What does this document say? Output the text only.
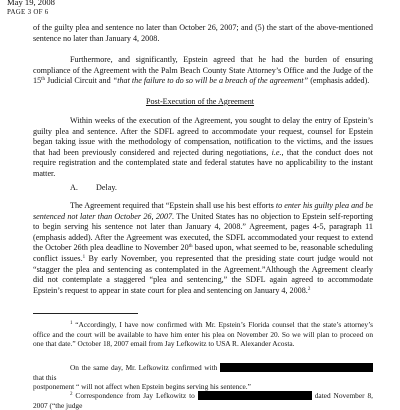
May 19, 2008
PAGE 3 OF 6

of the guilty plea and sentence no later than October 26, 2007; and (5) the start of the above-mentioned sentence no later than January 4, 2008.

Furthermore, and significantly, Epstein agreed that he had the burden of ensuring compliance of the Agreement with the Palm Beach County State Attorney’s Office and the Judge of the 15th Judicial Circuit and “that the failure to do so will be a breach of the agreement” (emphasis added).

Post-Execution of the Agreement

Within weeks of the execution of the Agreement, you sought to delay the entry of Epstein’s guilty plea and sentence. After the SDFL agreed to accommodate your request, counsel for Epstein began taking issue with the methodology of compensation, notification to the victims, and the issues that had been previously considered and rejected during negotiations, i.e., that the conduct does not require registration and the contemplated state and federal statutes have no applicability to the instant matter.

A. Delay.

The Agreement required that “Epstein shall use his best efforts to enter his guilty plea and be sentenced not later than October 26, 2007. The United States has no objection to Epstein self-reporting to begin serving his sentence not later than January 4, 2008.” Agreement, pages 4-5, paragraph 11 (emphasis added). After the Agreement was executed, the SDFL accommodated your request to extend the October 26th plea deadline to November 20th based upon, what seemed to be, reasonable scheduling conflict issues.$^1$ By early November, you represented that the presiding state court judge would not “stagger the plea and sentencing as contemplated in the Agreement.”Although the Agreement clearly did not contemplate a staggered “plea and sentencing,” the SDFL again agreed to accommodate Epstein’s request to appear in state court for plea and sentencing on January 4, 2008.$^2$

$^1$ “Accordingly, I have now confirmed with Mr. Epstein’s Florida counsel that the state’s attorney’s office and the court will be available to have him enter his plea on November 20. So we will plan to proceed on one that date.” October 18, 2007 email from Jay Lefkowitz to USA R. Alexander Acosta.

On the same day, Mr. Lefkowitz confirmed with  that this
postponement “ will not affect when Epstein begins serving his sentence.”

$^2$ Correspondence from Jay Lefkowitz to	dated November 8, 2007 (“the judge
